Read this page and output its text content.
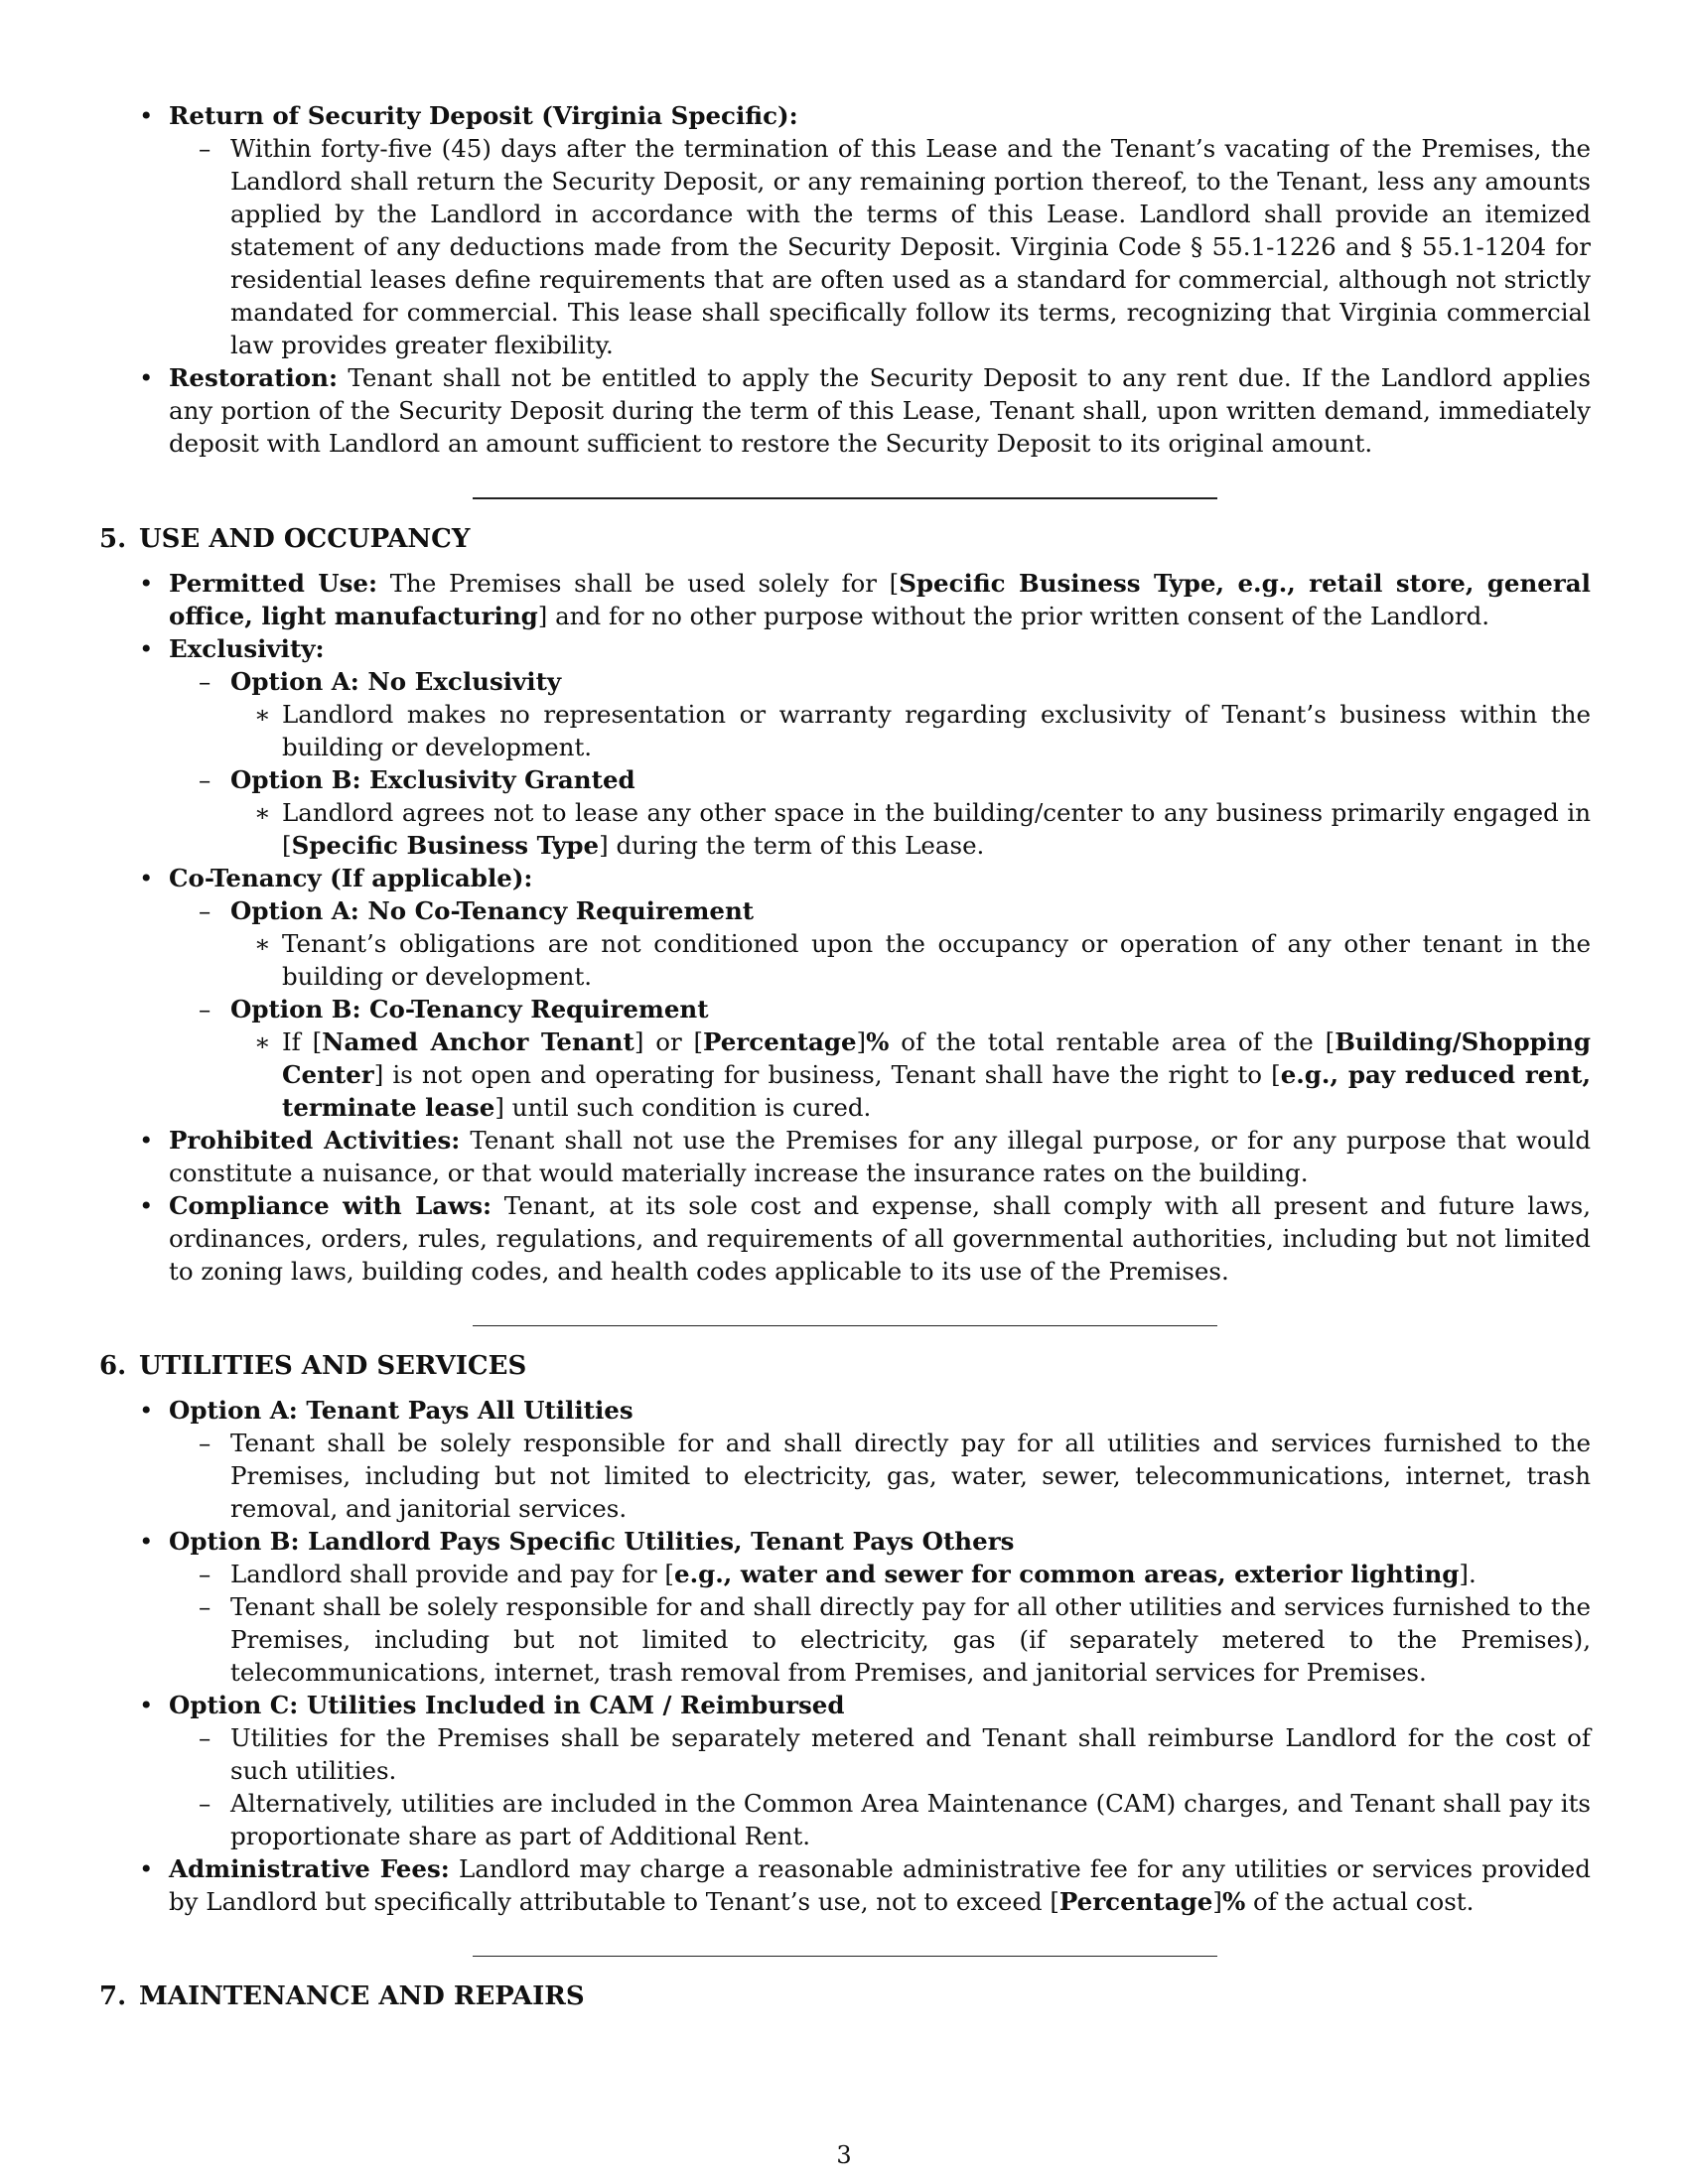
• Return of Security Deposit (Virginia Specific):
– Within forty-five (45) days after the termination of this Lease and the Tenant’s vacating of the Premises, the Landlord shall return the Security Deposit, or any remaining portion thereof, to the Tenant, less any amounts applied by the Landlord in accordance with the terms of this Lease. Landlord shall provide an itemized statement of any deductions made from the Security Deposit. Virginia Code § 55.1-1226 and § 55.1-1204 for residential leases define requirements that are often used as a standard for commercial, although not strictly mandated for commercial. This lease shall specifically follow its terms, recognizing that Virginia commercial law provides greater flexibility.
• Restoration: Tenant shall not be entitled to apply the Security Deposit to any rent due. If the Landlord applies any portion of the Security Deposit during the term of this Lease, Tenant shall, upon written demand, immediately deposit with Landlord an amount sufficient to restore the Security Deposit to its original amount.
5. USE AND OCCUPANCY
• Permitted Use: The Premises shall be used solely for [Specific Business Type, e.g., retail store, general office, light manufacturing] and for no other purpose without the prior written consent of the Landlord.
• Exclusivity:
– Option A: No Exclusivity
∗ Landlord makes no representation or warranty regarding exclusivity of Tenant’s business within the building or development.
– Option B: Exclusivity Granted
∗ Landlord agrees not to lease any other space in the building/center to any business primarily engaged in [Specific Business Type] during the term of this Lease.
• Co-Tenancy (If applicable):
– Option A: No Co-Tenancy Requirement
∗ Tenant’s obligations are not conditioned upon the occupancy or operation of any other tenant in the building or development.
– Option B: Co-Tenancy Requirement
∗ If [Named Anchor Tenant] or [Percentage]% of the total rentable area of the [Building/Shopping Center] is not open and operating for business, Tenant shall have the right to [e.g., pay reduced rent, terminate lease] until such condition is cured.
• Prohibited Activities: Tenant shall not use the Premises for any illegal purpose, or for any purpose that would constitute a nuisance, or that would materially increase the insurance rates on the building.
• Compliance with Laws: Tenant, at its sole cost and expense, shall comply with all present and future laws, ordinances, orders, rules, regulations, and requirements of all governmental authorities, including but not limited to zoning laws, building codes, and health codes applicable to its use of the Premises.
6. UTILITIES AND SERVICES
• Option A: Tenant Pays All Utilities
– Tenant shall be solely responsible for and shall directly pay for all utilities and services furnished to the Premises, including but not limited to electricity, gas, water, sewer, telecommunications, internet, trash removal, and janitorial services.
• Option B: Landlord Pays Specific Utilities, Tenant Pays Others
– Landlord shall provide and pay for [e.g., water and sewer for common areas, exterior lighting].
– Tenant shall be solely responsible for and shall directly pay for all other utilities and services furnished to the Premises, including but not limited to electricity, gas (if separately metered to the Premises), telecommunications, internet, trash removal from Premises, and janitorial services for Premises.
• Option C: Utilities Included in CAM / Reimbursed
– Utilities for the Premises shall be separately metered and Tenant shall reimburse Landlord for the cost of such utilities.
– Alternatively, utilities are included in the Common Area Maintenance (CAM) charges, and Tenant shall pay its proportionate share as part of Additional Rent.
• Administrative Fees: Landlord may charge a reasonable administrative fee for any utilities or services provided by Landlord but specifically attributable to Tenant’s use, not to exceed [Percentage]% of the actual cost.
7. MAINTENANCE AND REPAIRS
3
